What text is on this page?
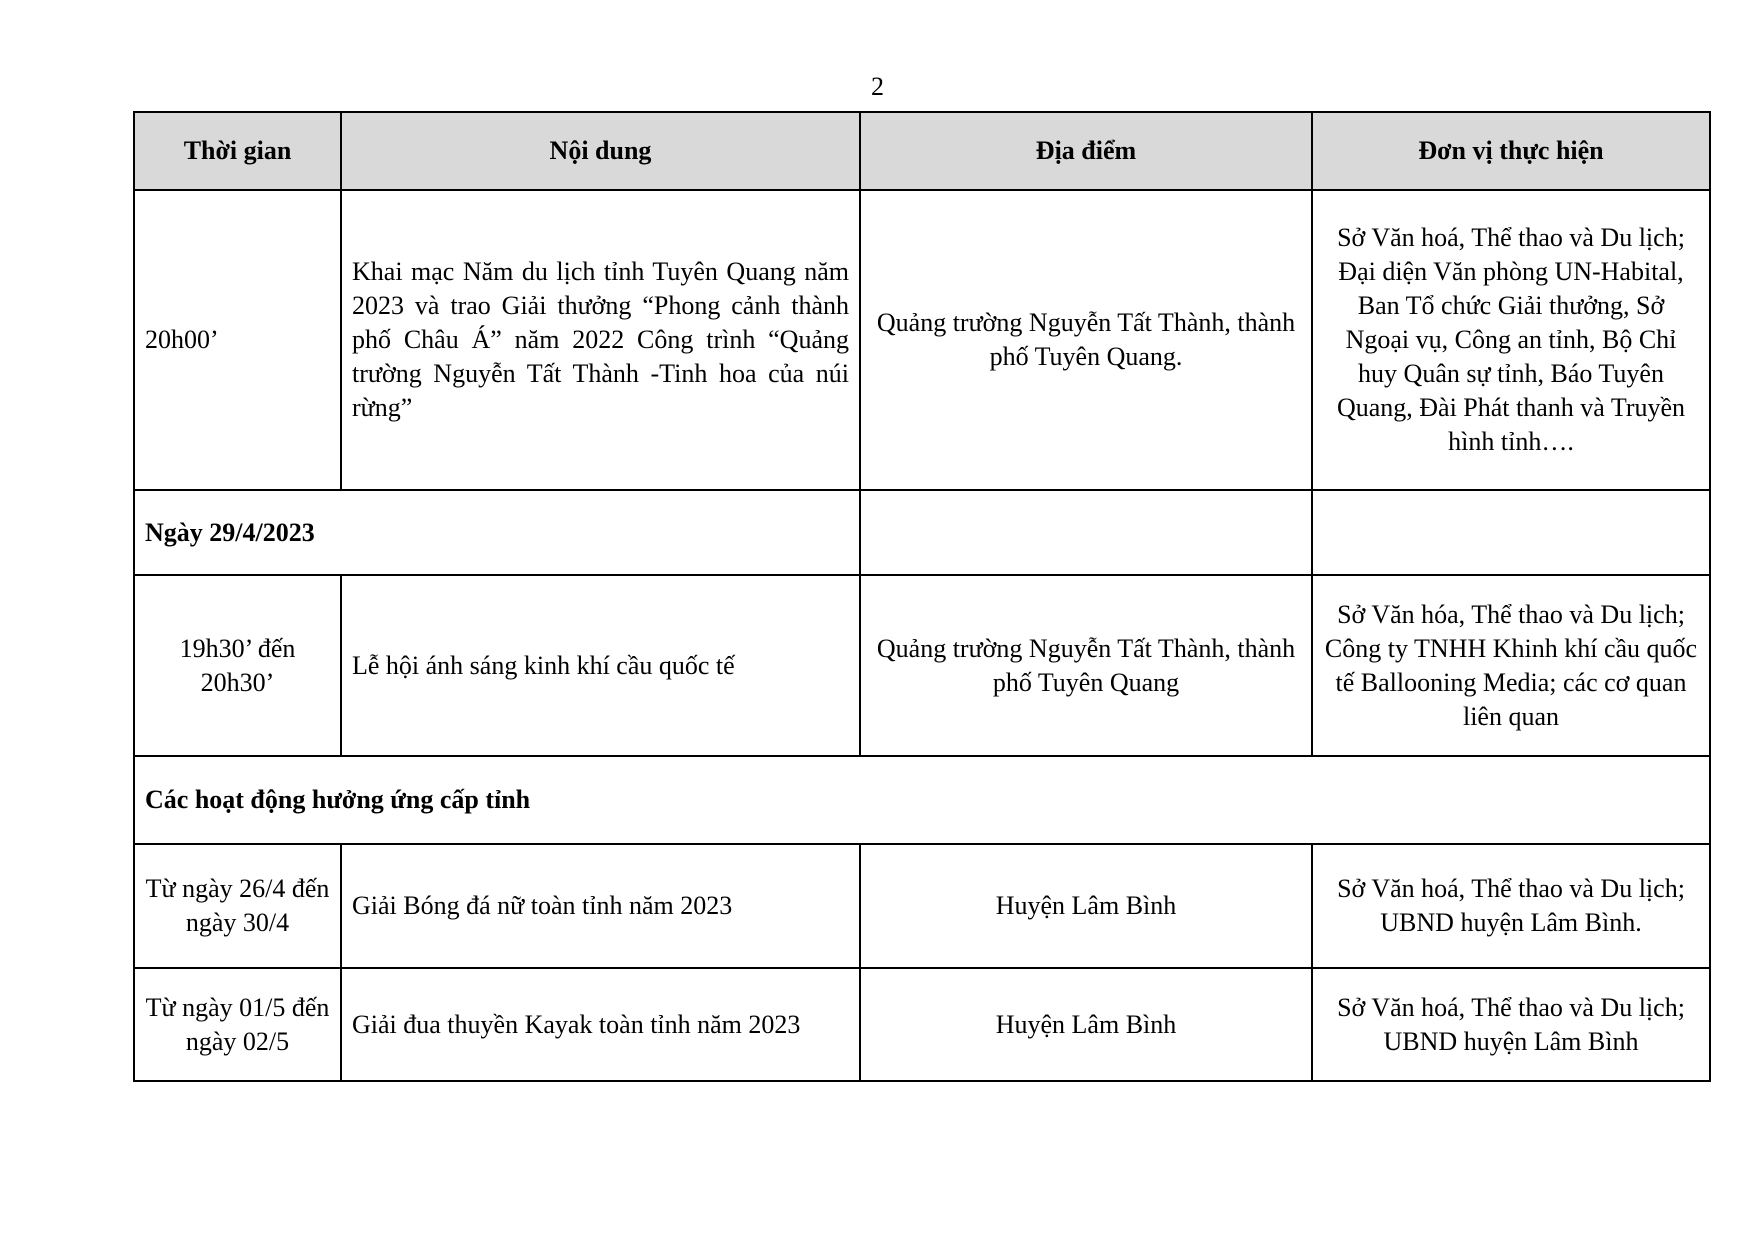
2
Thời gian	Nội dung	Địa điểm	Đơn vị thực hiện
20h00’	Khai mạc Năm du lịch tỉnh Tuyên Quang năm 2023 và trao Giải thưởng “Phong cảnh thành phố Châu Á” năm 2022 Công trình “Quảng trường Nguyễn Tất Thành -Tinh hoa của núi rừng”	Quảng trường Nguyễn Tất Thành, thành phố Tuyên Quang.	Sở Văn hoá, Thể thao và Du lịch; Đại diện Văn phòng UN-Habital, Ban Tổ chức Giải thưởng, Sở Ngoại vụ, Công an tỉnh, Bộ Chỉ huy Quân sự tỉnh, Báo Tuyên Quang, Đài Phát thanh và Truyền hình tỉnh….
Ngày 29/4/2023			
19h30’ đến 20h30’	Lễ hội ánh sáng kinh khí cầu quốc tế	Quảng trường Nguyễn Tất Thành, thành phố Tuyên Quang	Sở Văn hóa, Thể thao và Du lịch; Công ty TNHH Khinh khí cầu quốc tế Ballooning Media; các cơ quan liên quan
Các hoạt động hưởng ứng cấp tỉnh			
Từ ngày 26/4 đến ngày 30/4	Giải Bóng đá nữ toàn tỉnh năm 2023	Huyện Lâm Bình	Sở Văn hoá, Thể thao và Du lịch; UBND huyện Lâm Bình.
Từ ngày 01/5 đến ngày 02/5	Giải đua thuyền Kayak toàn tỉnh năm 2023	Huyện Lâm Bình	Sở Văn hoá, Thể thao và Du lịch; UBND huyện Lâm Bình
